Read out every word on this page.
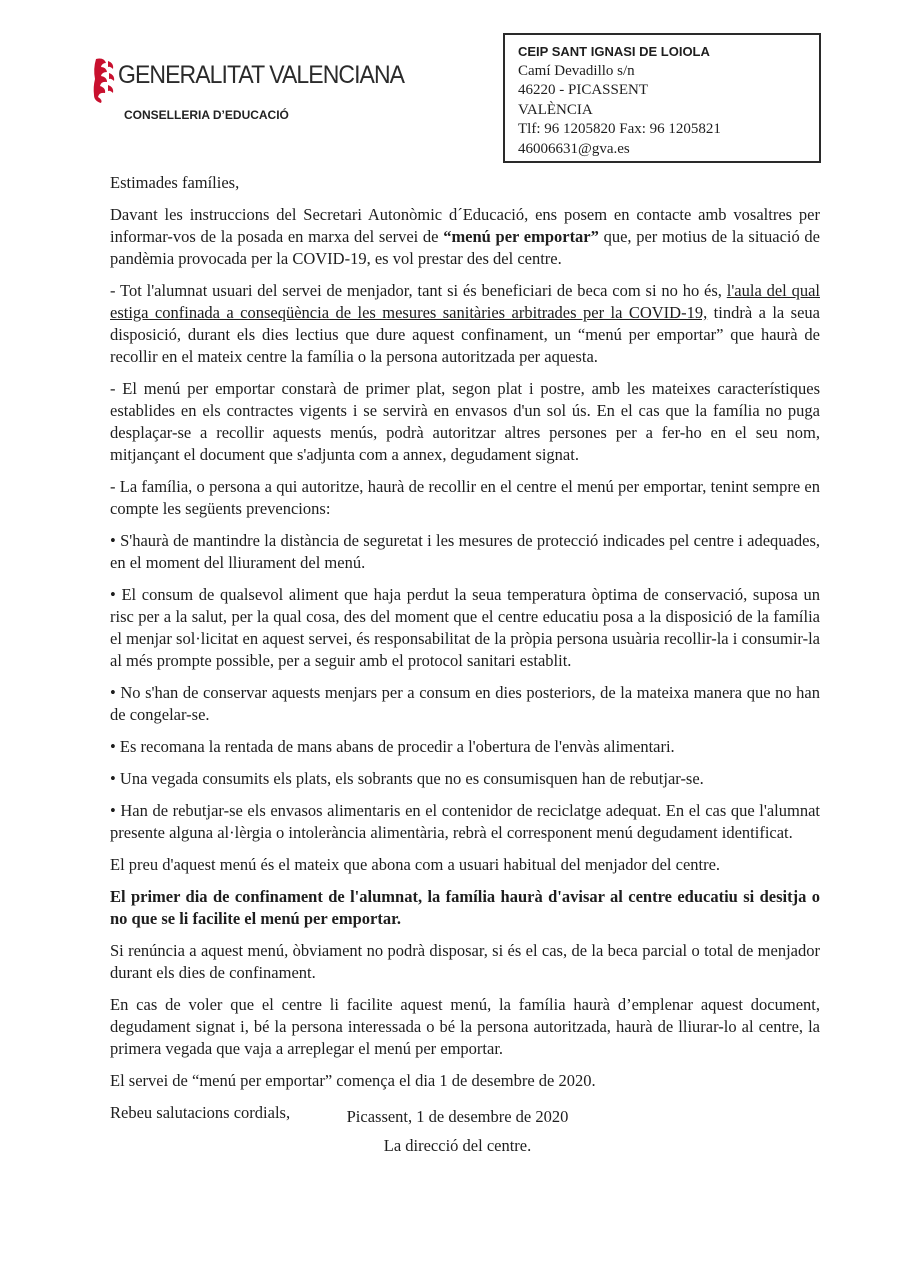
GENERALITAT VALENCIANA
CONSELLERIA D’EDUCACIÓ
CEIP SANT IGNASI DE LOIOLA
Camí Devadillo s/n
46220 - PICASSENT
VALÈNCIA
Tlf: 96 1205820 Fax: 96 1205821
46006631@gva.es

Estimades famílies,

Davant les instruccions del Secretari Autonòmic d´Educació, ens posem en contacte amb vosaltres per informar-vos de la posada en marxa del servei de “menú per emportar” que, per motius de la situació de pandèmia provocada per la COVID-19, es vol prestar des del centre.

- Tot l'alumnat usuari del servei de menjador, tant si és beneficiari de beca com si no ho és, l'aula del qual estiga confinada a conseqüència de les mesures sanitàries arbitrades per la COVID-19, tindrà a la seua disposició, durant els dies lectius que dure aquest confinament, un “menú per emportar” que haurà de recollir en el mateix centre la família o la persona autoritzada per aquesta.

- El menú per emportar constarà de primer plat, segon plat i postre, amb les mateixes característiques establides en els contractes vigents i se servirà en envasos d'un sol ús. En el cas que la família no puga desplaçar-se a recollir aquests menús, podrà autoritzar altres persones per a fer-ho en el seu nom, mitjançant el document que s'adjunta com a annex, degudament signat.

- La família, o persona a qui autoritze, haurà de recollir en el centre el menú per emportar, tenint sempre en compte les següents prevencions:

• S'haurà de mantindre la distància de seguretat i les mesures de protecció indicades pel centre i adequades, en el moment del lliurament del menú.

• El consum de qualsevol aliment que haja perdut la seua temperatura òptima de conservació, suposa un risc per a la salut, per la qual cosa, des del moment que el centre educatiu posa a la disposició de la família el menjar sol·licitat en aquest servei, és responsabilitat de la pròpia persona usuària recollir-la i consumir-la al més prompte possible, per a seguir amb el protocol sanitari establit.

• No s'han de conservar aquests menjars per a consum en dies posteriors, de la mateixa manera que no han de congelar-se.

• Es recomana la rentada de mans abans de procedir a l'obertura de l'envàs alimentari.

• Una vegada consumits els plats, els sobrants que no es consumisquen han de rebutjar-se.

• Han de rebutjar-se els envasos alimentaris en el contenidor de reciclatge adequat. En el cas que l'alumnat presente alguna al·lèrgia o intolerància alimentària, rebrà el corresponent menú degudament identificat.

El preu d'aquest menú és el mateix que abona com a usuari habitual del menjador del centre.

El primer dia de confinament de l'alumnat, la família haurà d'avisar al centre educatiu si desitja o no que se li facilite el menú per emportar.

Si renúncia a aquest menú, òbviament no podrà disposar, si és el cas, de la beca parcial o total de menjador durant els dies de confinament.

En cas de voler que el centre li facilite aquest menú, la família haurà d’emplenar aquest document, degudament signat i, bé la persona interessada o bé la persona autoritzada, haurà de lliurar-lo al centre, la primera vegada que vaja a arreplegar el menú per emportar.

El servei de “menú per emportar” comença el dia 1 de desembre de 2020.

Rebeu salutacions cordials,	Picassent, 1 de desembre de 2020
La direcció del centre.
